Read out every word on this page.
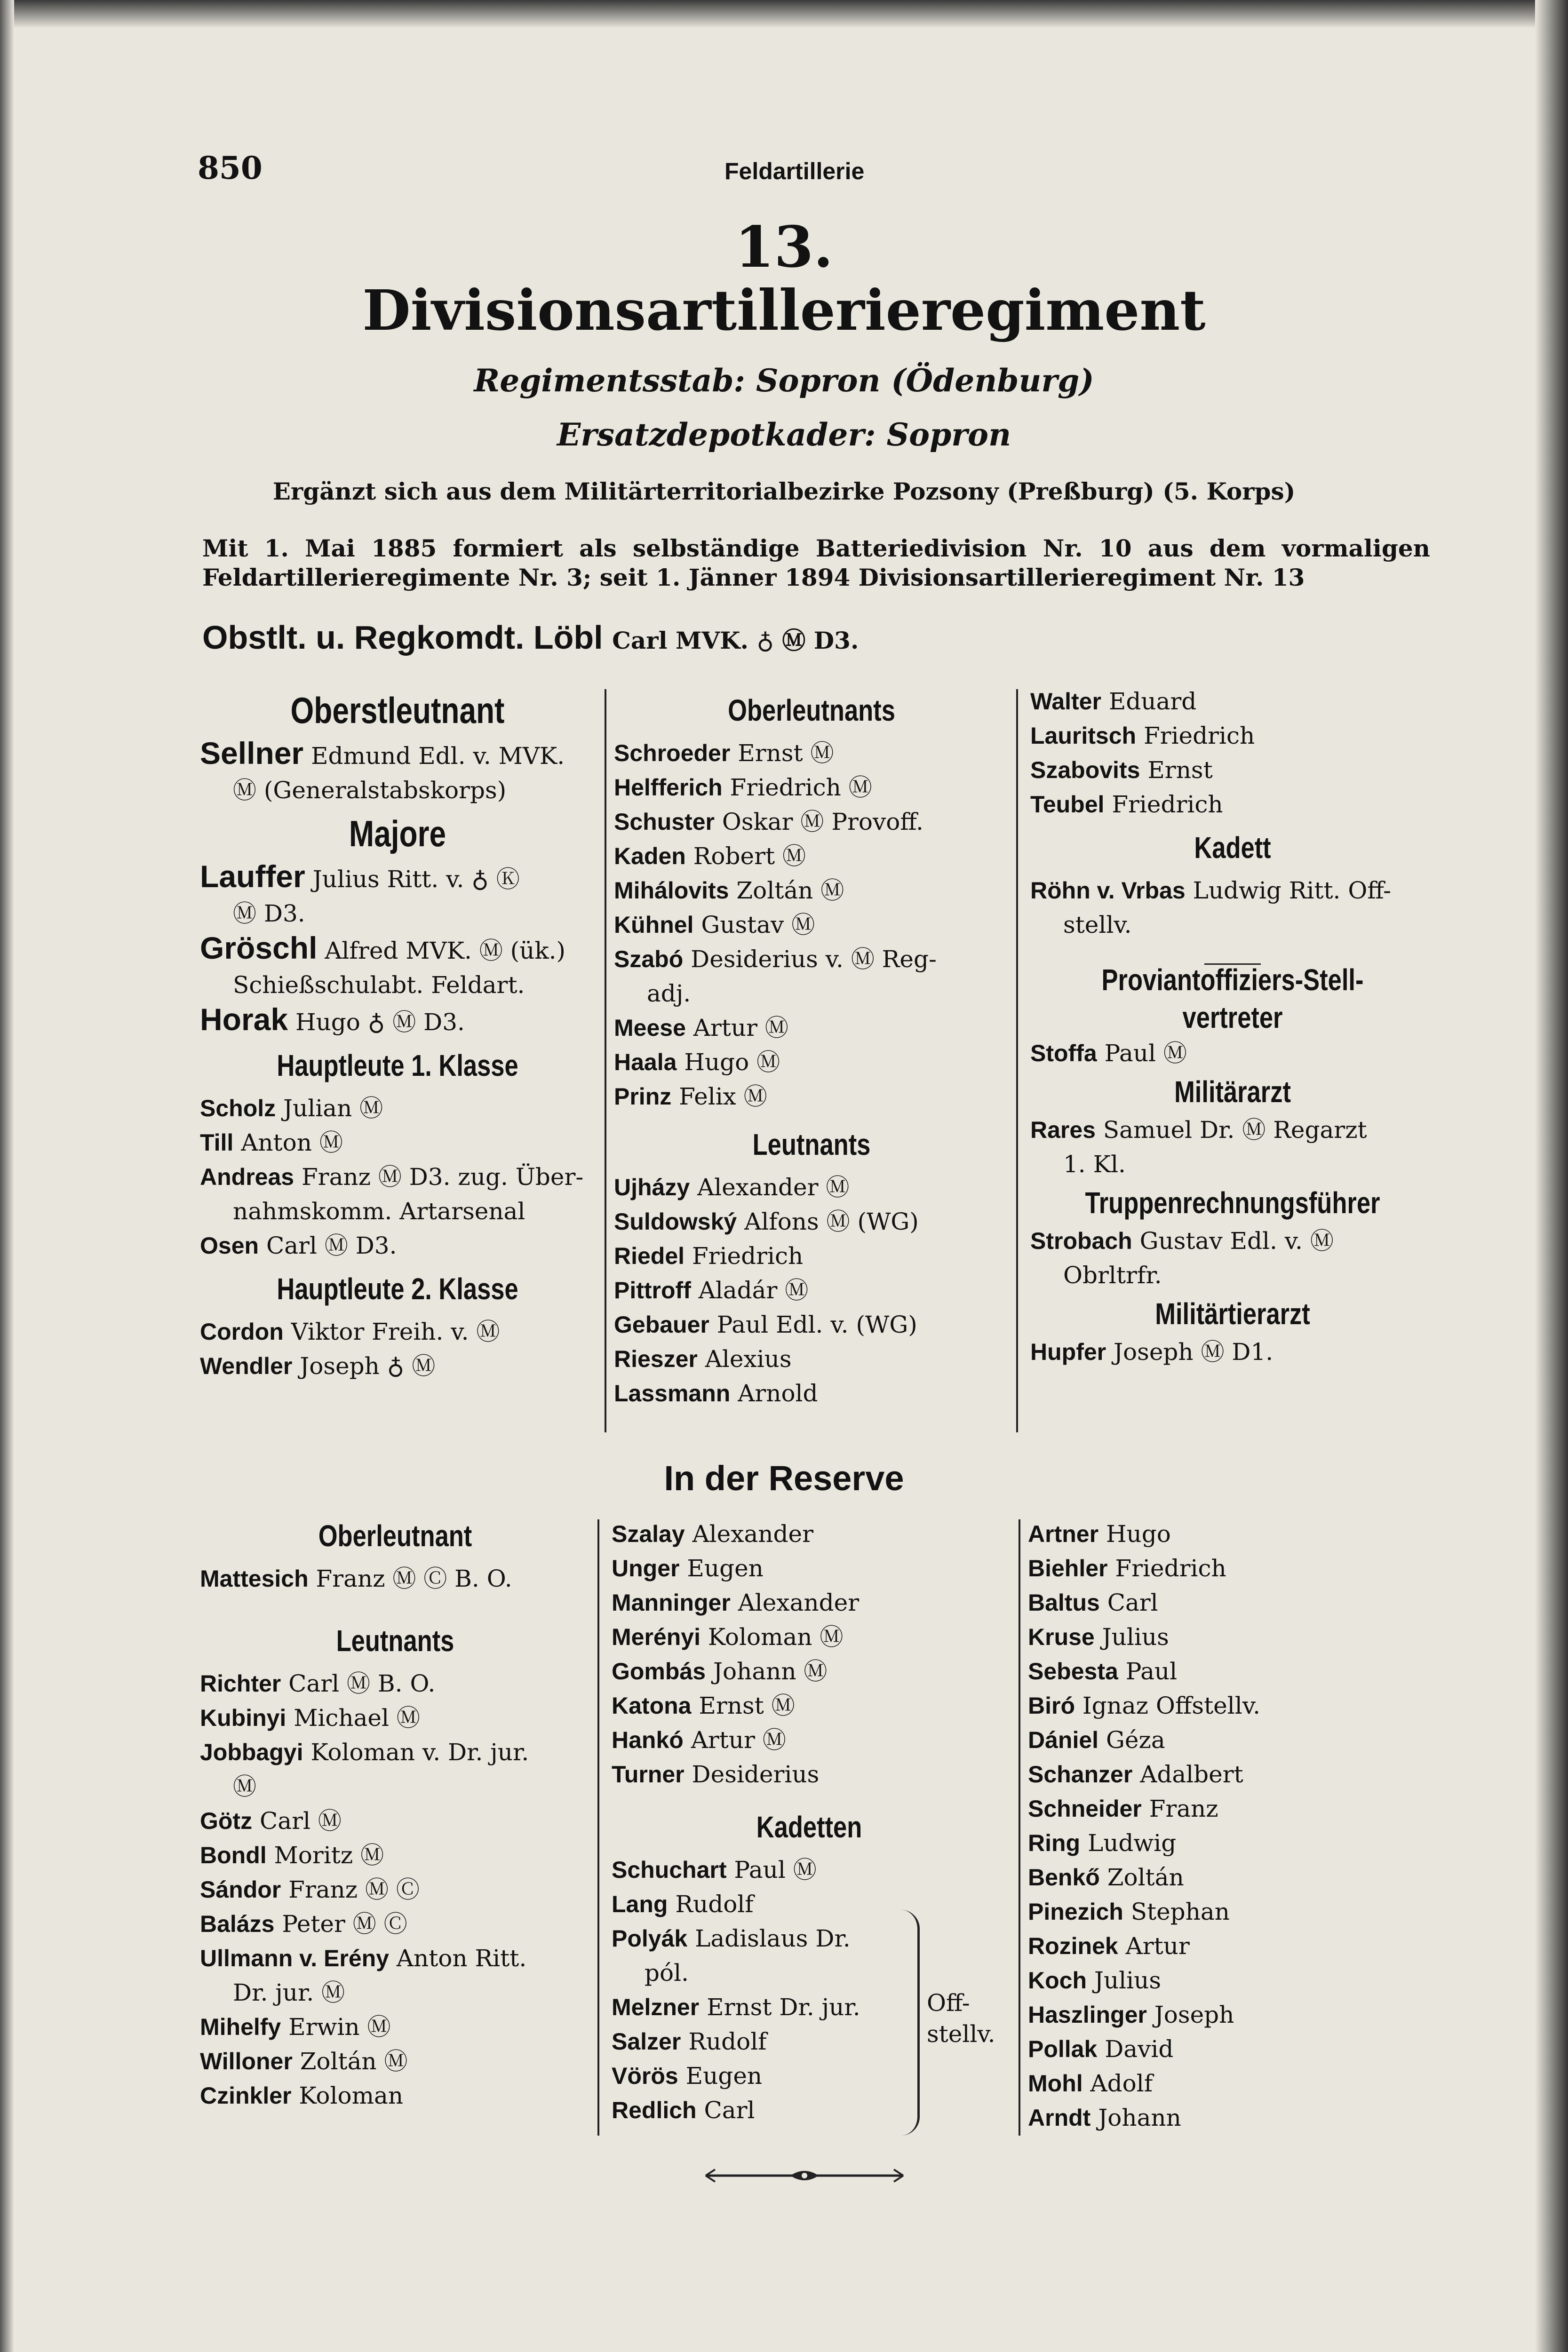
850	Feldartillerie
13.
Divisionsartillerieregiment
Regimentsstab: Sopron (Ödenburg)
Ersatzdepotkader: Sopron
Ergänzt sich aus dem Militärterritorialbezirke Pozsony (Preßburg) (5. Korps)
Mit 1. Mai 1885 formiert als selbständige Batteriedivision Nr. 10 aus dem vormaligen Feldartillerieregimente Nr. 3; seit 1. Jänner 1894 Divisionsartillerieregiment Nr. 13
Obstlt. u. Regkomdt. Löbl Carl MVK. ♁ Ⓜ D3.
Oberstleutnant
Sellner Edmund Edl. v. MVK.
Ⓜ (Generalstabskorps)
Majore
Lauffer Julius Ritt. v. ♁ Ⓚ
Ⓜ D3.
Gröschl Alfred MVK. Ⓜ (ük.)
Schießschulabt. Feldart.
Horak Hugo ♁ Ⓜ D3.
Hauptleute 1. Klasse
Scholz Julian Ⓜ
Till Anton Ⓜ
Andreas Franz Ⓜ D3. zug. Über-
nahmskomm. Artarsenal
Osen Carl Ⓜ D3.
Hauptleute 2. Klasse
Cordon Viktor Freih. v. Ⓜ
Wendler Joseph ♁ Ⓜ
Oberleutnants
Schroeder Ernst Ⓜ
Helfferich Friedrich Ⓜ
Schuster Oskar Ⓜ Provoff.
Kaden Robert Ⓜ
Mihálovits Zoltán Ⓜ
Kühnel Gustav Ⓜ
Szabó Desiderius v. Ⓜ Reg-
adj.
Meese Artur Ⓜ
Haala Hugo Ⓜ
Prinz Felix Ⓜ
Leutnants
Ujházy Alexander Ⓜ
Suldowský Alfons Ⓜ (WG)
Riedel Friedrich
Pittroff Aladár Ⓜ
Gebauer Paul Edl. v. (WG)
Rieszer Alexius
Lassmann Arnold
Walter Eduard
Lauritsch Friedrich
Szabovits Ernst
Teubel Friedrich
Kadett
Röhn v. Vrbas Ludwig Ritt. Off-
stellv.
Proviantoffiziers-Stell-
vertreter
Stoffa Paul Ⓜ
Militärarzt
Rares Samuel Dr. Ⓜ Regarzt
1. Kl.
Truppenrechnungsführer
Strobach Gustav Edl. v. Ⓜ
Obrltrfr.
Militärtierarzt
Hupfer Joseph Ⓜ D1.
In der Reserve
Oberleutnant
Mattesich Franz Ⓜ Ⓒ B. O.
Leutnants
Richter Carl Ⓜ B. O.
Kubinyi Michael Ⓜ
Jobbagyi Koloman v. Dr. jur.
Ⓜ
Götz Carl Ⓜ
Bondl Moritz Ⓜ
Sándor Franz Ⓜ Ⓒ
Balázs Peter Ⓜ Ⓒ
Ullmann v. Erény Anton Ritt.
Dr. jur. Ⓜ
Mihelfy Erwin Ⓜ
Willoner Zoltán Ⓜ
Czinkler Koloman
Szalay Alexander
Unger Eugen
Manninger Alexander
Merényi Koloman Ⓜ
Gombás Johann Ⓜ
Katona Ernst Ⓜ
Hankó Artur Ⓜ
Turner Desiderius
Kadetten
Schuchart Paul Ⓜ
Lang Rudolf
Polyák Ladislaus Dr.
pól.
Melzner Ernst Dr. jur.
Salzer Rudolf
Vörös Eugen
Redlich Carl
Off-stellv.
Artner Hugo
Biehler Friedrich
Baltus Carl
Kruse Julius
Sebesta Paul
Biró Ignaz Offstellv.
Dániel Géza
Schanzer Adalbert
Schneider Franz
Ring Ludwig
Benkő Zoltán
Pinezich Stephan
Rozinek Artur
Koch Julius
Haszlinger Joseph
Pollak David
Mohl Adolf
Arndt Johann
